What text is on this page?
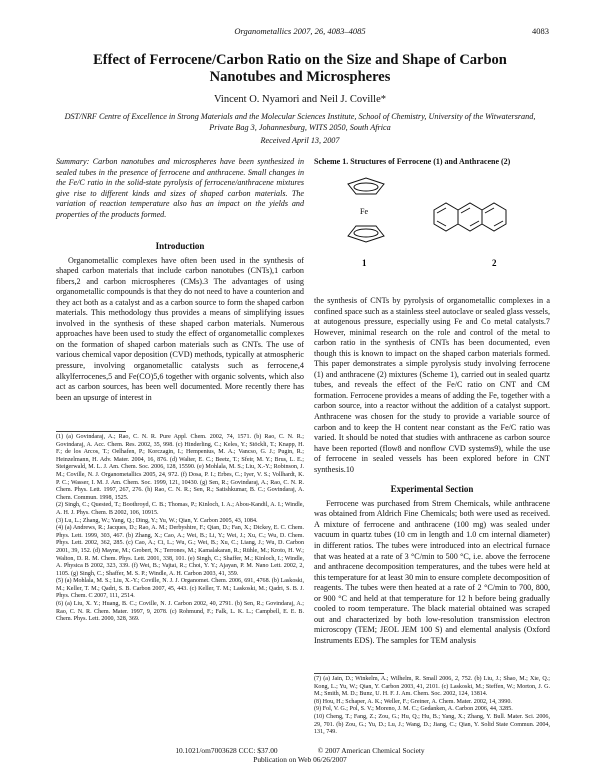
Organometallics 2007, 26, 4083–4085	4083
Effect of Ferrocene/Carbon Ratio on the Size and Shape of Carbon Nanotubes and Microspheres
Vincent O. Nyamori and Neil J. Coville*
DST/NRF Centre of Excellence in Strong Materials and the Molecular Sciences Institute, School of Chemistry, University of the Witwatersrand, Private Bag 3, Johannesburg, WITS 2050, South Africa
Received April 13, 2007
Summary: Carbon nanotubes and microspheres have been synthesized in sealed tubes in the presence of ferrocene and anthracene. Small changes in the Fe/C ratio in the solid-state pyrolysis of ferrocene/anthracene mixtures give rise to different kinds and sizes of shaped carbon materials. The variation of reaction temperature also has an impact on the yields and properties of the products formed.
Scheme 1. Structures of Ferrocene (1) and Anthracene (2)
Fe
1	2
Introduction

Organometallic complexes have often been used in the synthesis of shaped carbon materials that include carbon nanotubes (CNTs),1 carbon fibers,2 and carbon microspheres (CMs).3 The advantages of using organometallic compounds is that they do not need to have a counterion and they act both as a catalyst and as a carbon source to form the shaped carbon materials. This methodology thus provides a means of simplifying issues involved in the synthesis of these shaped carbon materials. Numerous approaches have been used to study the effect of organometallic complexes on the formation of shaped carbon materials such as CNTs. The use of various chemical vapor deposition (CVD) methods, typically at atmospheric pressure, involving organometallic catalysts such as ferrocene,4 alkylferrocenes,5 and Fe(CO)5,6 together with organic solvents, which also act as carbon sources, has been well documented. More recently there has been an upsurge of interest in

(1) (a) Govindaraj, A.; Rao, C. N. R. Pure Appl. Chem. 2002, 74, 1571. (b) Rao, C. N. R.; Govindaraj, A. Acc. Chem. Res. 2002, 35, 998. (c) Hinderling, C.; Keles, Y.; Stöckli, T.; Knapp, H. F.; de los Arcos, T.; Oelhafen, P.; Korczagin, I.; Hempenius, M. A.; Vancso, G. J.; Pugin, R.; Heinzelmann, H. Adv. Mater. 2004, 16, 876. (d) Walter, E. C.; Beetz, T.; Sfeir, M. Y.; Brus, L. E.; Steigerwald, M. L. J. Am. Chem. Soc. 2006, 128, 15590. (e) Mohlala, M. S.; Liu, X.-Y.; Robinson, J. M.; Coville, N. J. Organometallics 2005, 24, 972. (f) Dosa, P. I.; Erbes, C.; Iyer, V. S.; Vollhardt, K. P. C.; Wasser, I. M. J. Am. Chem. Soc. 1999, 121, 10430. (g) Sen, R.; Govindaraj, A.; Rao, C. N. R. Chem. Phys. Lett. 1997, 267, 276. (h) Rao, C. N. R.; Sen, R.; Satishkumar, B. C.; Govindaraj, A. Chem. Commun. 1998, 1525.
(2) Singh, C.; Quested, T.; Boothroyd, C. B.; Thomas, P.; Kinloch, I. A.; Abou-Kandil, A. I.; Windle, A. H. J. Phys. Chem. B 2002, 106, 10915.
(3) Lu, L.; Zhang, W.; Yang, Q.; Ding, Y.; Yu, W.; Qian, Y. Carbon 2005, 43, 1084.
(4) (a) Andrews, R.; Jacques, D.; Rao, A. M.; Derbyshire, F.; Qian, D.; Fan, X.; Dickey, E. C. Chem. Phys. Lett. 1999, 303, 467. (b) Zhang, X.; Cao, A.; Wei, B.; Li, Y.; Wei, J.; Xu, C.; Wu, D. Chem. Phys. Lett. 2002, 362, 285. (c) Cao, A.; Ci, L.; Wu, G.; Wei, B.; Xu, C.; Liang, J.; Wu, D. Carbon 2001, 39, 152. (d) Mayne, M.; Grobert, N.; Terrones, M.; Kamalakaran, R.; Rühle, M.; Kroto, H. W.; Walton, D. R. M. Chem. Phys. Lett. 2001, 338, 101. (e) Singh, C.; Shaffer, M.; Kinloch, I.; Windle, A. Physica B 2002, 323, 339. (f) Wei, B.; Vajtai, R.; Choi, Y. Y.; Ajayan, P. M. Nano Lett. 2002, 2, 1105. (g) Singh, C.; Shaffer, M. S. P.; Windle, A. H. Carbon 2003, 41, 359.
(5) (a) Mohlala, M. S.; Liu, X.-Y.; Coville, N. J. J. Organomet. Chem. 2006, 691, 4768. (b) Laskoski, M.; Keller, T. M.; Qadri, S. B. Carbon 2007, 45, 443. (c) Keller, T. M.; Laskoski, M.; Qadri, S. B. J. Phys. Chem. C 2007, 111, 2514.
(6) (a) Liu, X. Y.; Huang, B. C.; Coville, N. J. Carbon 2002, 40, 2791. (b) Sen, R.; Govindaraj, A.; Rao, C. N. R. Chem. Mater. 1997, 9, 2078. (c) Rohmund, F.; Falk, L. K. L.; Campbell, E. E. B. Chem. Phys. Lett. 2000, 328, 369.

the synthesis of CNTs by pyrolysis of organometallic complexes in a confined space such as a stainless steel autoclave or sealed glass vessels, at autogenous pressure, especially using Fe and Co metal catalysts.7 However, minimal research on the role and control of the metal to carbon ratio in the synthesis of CNTs has been documented, even though this is known to impact on the shaped carbon materials formed. This paper demonstrates a simple pyrolysis study involving ferrocene (1) and anthracene (2) mixtures (Scheme 1), carried out in sealed quartz tubes, and reveals the effect of the Fe/C ratio on CNT and CM formation. Ferrocene provides a means of adding the Fe, together with a carbon source, into a reactor without the addition of a catalyst support. Anthracene was chosen for the study to provide a variable source of carbon and to keep the H content near constant as the Fe/C ratio was varied. It should be noted that studies with anthracene as carbon source have been reported (flow8 and nonflow CVD systems9), while the use of ferrocene in sealed vessels has been explored before in CNT synthesis.10

Experimental Section

Ferrocene was purchased from Strem Chemicals, while anthracene was obtained from Aldrich Fine Chemicals; both were used as received. A mixture of ferrocene and anthracene (100 mg) was sealed under vacuum in quartz tubes (10 cm in length and 1.0 cm internal diameter) in different ratios. The tubes were introduced into an electrical furnace that was heated at a rate of 3 °C/min to 500 °C, i.e. above the ferrocene and anthracene decomposition temperatures, and the tubes were held at this temperature for at least 30 min to ensure complete decomposition of reagents. The tubes were then heated at a rate of 2 °C/min to 700, 800, or 900 °C and held at that temperature for 12 h before being gradually cooled to room temperature. The black material obtained was scraped out and characterized by both low-resolution transmission electron microscopy (TEM; JEOL JEM 100 S) and elemental analysis (Oxford Instruments EDS). The samples for TEM analysis

(7) (a) Jain, D.; Winkelm, A.; Wilhelm, R. Small 2006, 2, 752. (b) Liu, J.; Shao, M.; Xie, Q.; Kong, L.; Yu, W.; Qian, Y. Carbon 2003, 41, 2101. (c) Laskoski, M.; Steffen, W.; Morton, J. G. M.; Smith, M. D.; Bunz, U. H. F. J. Am. Chem. Soc. 2002, 124, 13814.
(8) Hou, H.; Schaper, A. K.; Weller, F.; Greiner, A. Chem. Mater. 2002, 14, 3990.
(9) Fol, V. G.; Pol, S. V.; Moreno, J. M. C.; Gedanken, A. Carbon 2006, 44, 3285.
(10) Cheng, T.; Fang, Z.; Zou, G.; Hu, Q.; Hu, B.; Yang, X.; Zhang, Y. Bull. Mater. Sci. 2006, 29, 701. (b) Zou, G.; Yu, D.; Lu, J.; Wang, D.; Jiang, C.; Qian, Y. Solid State Commun. 2004, 131, 749.
10.1021/om7003628 CCC: $37.00	© 2007 American Chemical Society
Publication on Web 06/26/2007
